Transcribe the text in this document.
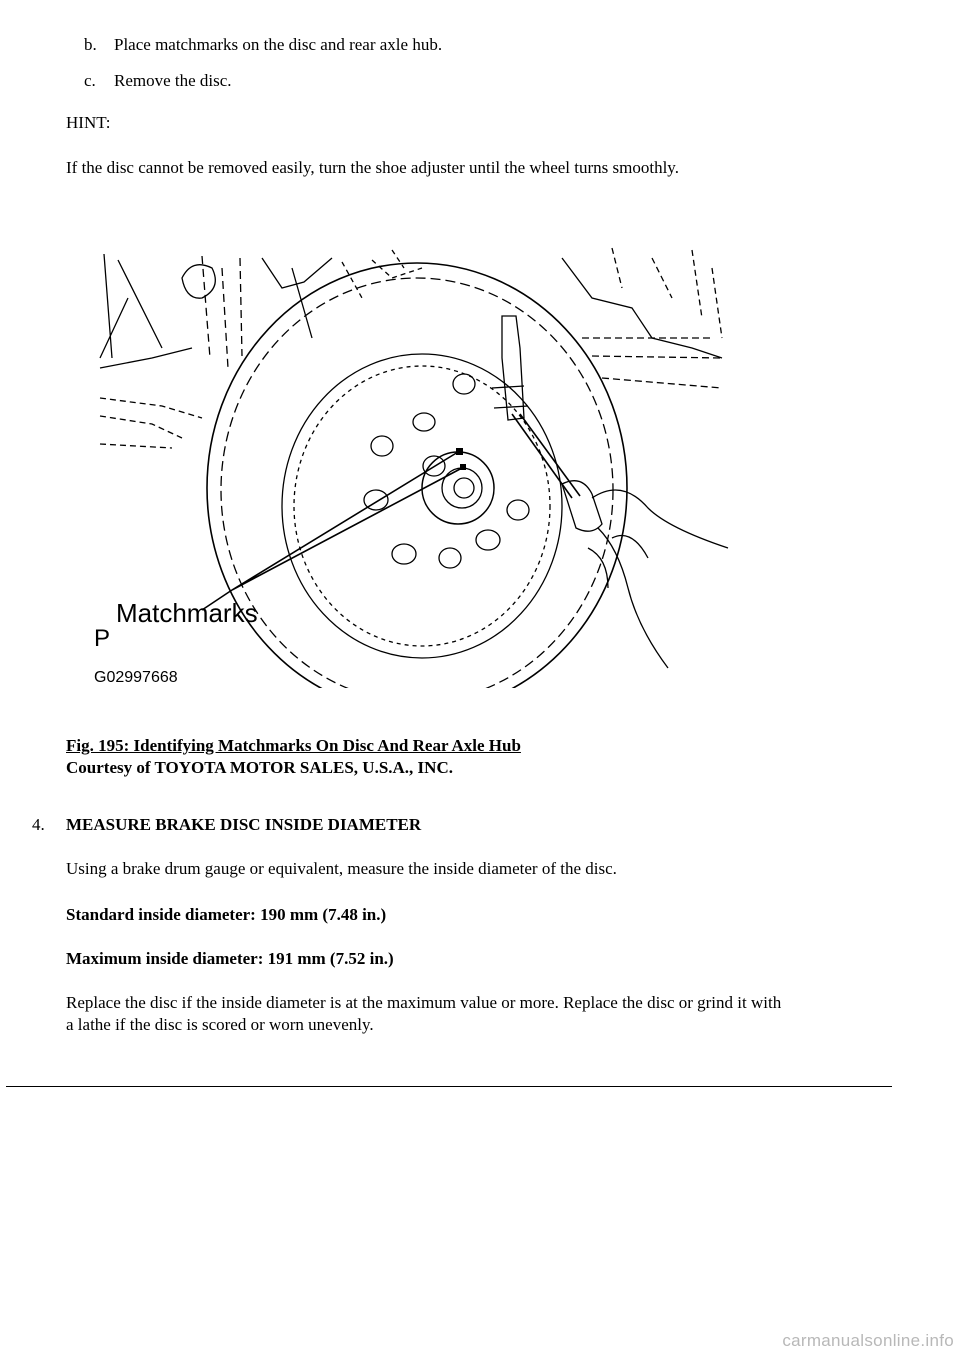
b. Place matchmarks on the disc and rear axle hub.
c. Remove the disc.
HINT:
If the disc cannot be removed easily, turn the shoe adjuster until the wheel turns smoothly.
Matchmarks
P
G02997668
Fig. 195: Identifying Matchmarks On Disc And Rear Axle Hub
Courtesy of TOYOTA MOTOR SALES, U.S.A., INC.
4. MEASURE BRAKE DISC INSIDE DIAMETER
Using a brake drum gauge or equivalent, measure the inside diameter of the disc.
Standard inside diameter: 190 mm (7.48 in.)
Maximum inside diameter: 191 mm (7.52 in.)
Replace the disc if the inside diameter is at the maximum value or more. Replace the disc or grind it with
a lathe if the disc is scored or worn unevenly.
carmanualsonline.info
